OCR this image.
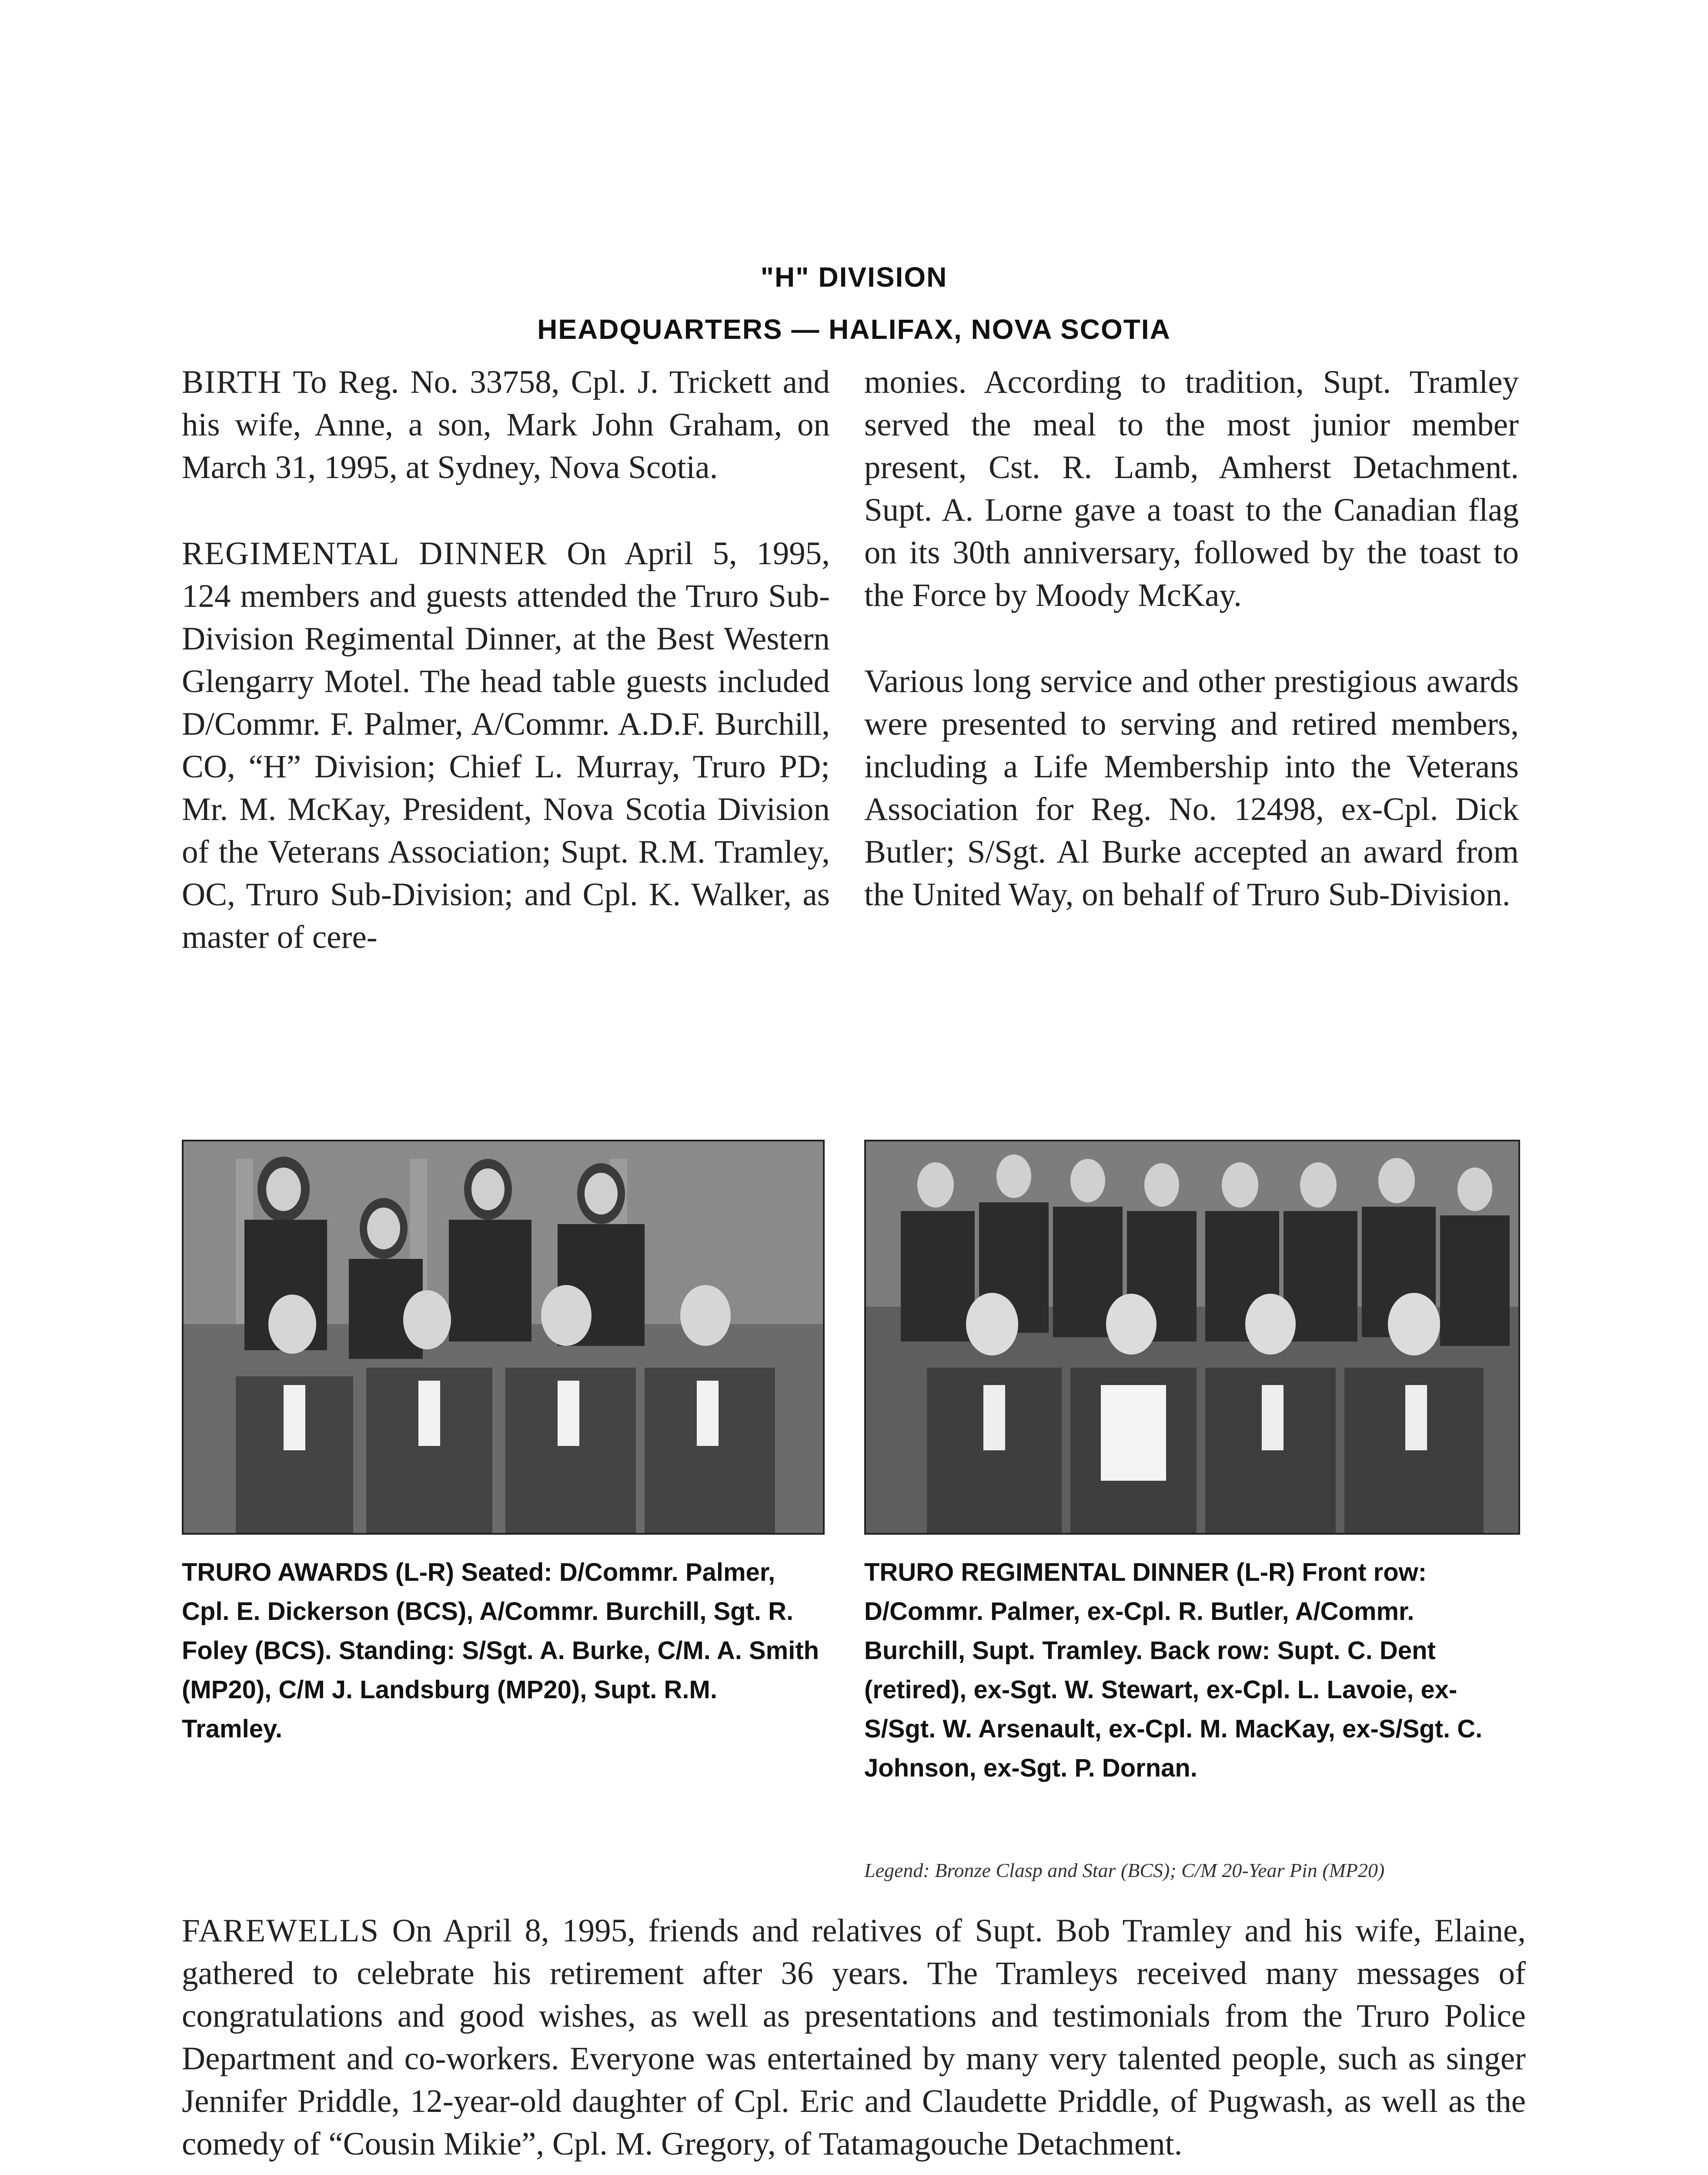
"H" DIVISION
HEADQUARTERS — HALIFAX, NOVA SCOTIA

BIRTH To Reg. No. 33758, Cpl. J. Trickett and his wife, Anne, a son, Mark John Graham, on March 31, 1995, at Sydney, Nova Scotia.

REGIMENTAL DINNER On April 5, 1995, 124 members and guests attended the Truro Sub-Division Regimental Dinner, at the Best Western Glengarry Motel. The head table guests included D/Commr. F. Palmer, A/Commr. A.D.F. Burchill, CO, “H” Division; Chief L. Murray, Truro PD; Mr. M. McKay, President, Nova Scotia Division of the Veterans Association; Supt. R.M. Tramley, OC, Truro Sub-Division; and Cpl. K. Walker, as master of cere-

monies. According to tradition, Supt. Tramley served the meal to the most junior member present, Cst. R. Lamb, Amherst Detachment. Supt. A. Lorne gave a toast to the Canadian flag on its 30th anniversary, followed by the toast to the Force by Moody McKay.

Various long service and other prestigious awards were presented to serving and retired members, including a Life Membership into the Veterans Association for Reg. No. 12498, ex-Cpl. Dick Butler; S/Sgt. Al Burke accepted an award from the United Way, on behalf of Truro Sub-Division.

TRURO AWARDS (L-R) Seated: D/Commr. Palmer, Cpl. E. Dickerson (BCS), A/Commr. Burchill, Sgt. R. Foley (BCS). Standing: S/Sgt. A. Burke, C/M. A. Smith (MP20), C/M J. Landsburg (MP20), Supt. R.M. Tramley.
TRURO REGIMENTAL DINNER (L-R) Front row: D/Commr. Palmer, ex-Cpl. R. Butler, A/Commr. Burchill, Supt. Tramley. Back row: Supt. C. Dent (retired), ex-Sgt. W. Stewart, ex-Cpl. L. Lavoie, ex-S/Sgt. W. Arsenault, ex-Cpl. M. MacKay, ex-S/Sgt. C. Johnson, ex-Sgt. P. Dornan.
Legend: Bronze Clasp and Star (BCS); C/M 20-Year Pin (MP20)
FAREWELLS On April 8, 1995, friends and relatives of Supt. Bob Tramley and his wife, Elaine, gathered to celebrate his retirement after 36 years. The Tramleys received many messages of congratulations and good wishes, as well as presentations and testimonials from the Truro Police Department and co-workers. Everyone was entertained by many very talented people, such as singer Jennifer Priddle, 12-year-old daughter of Cpl. Eric and Claudette Priddle, of Pugwash, as well as the comedy of “Cousin Mikie”, Cpl. M. Gregory, of Tatamagouche Detachment.
